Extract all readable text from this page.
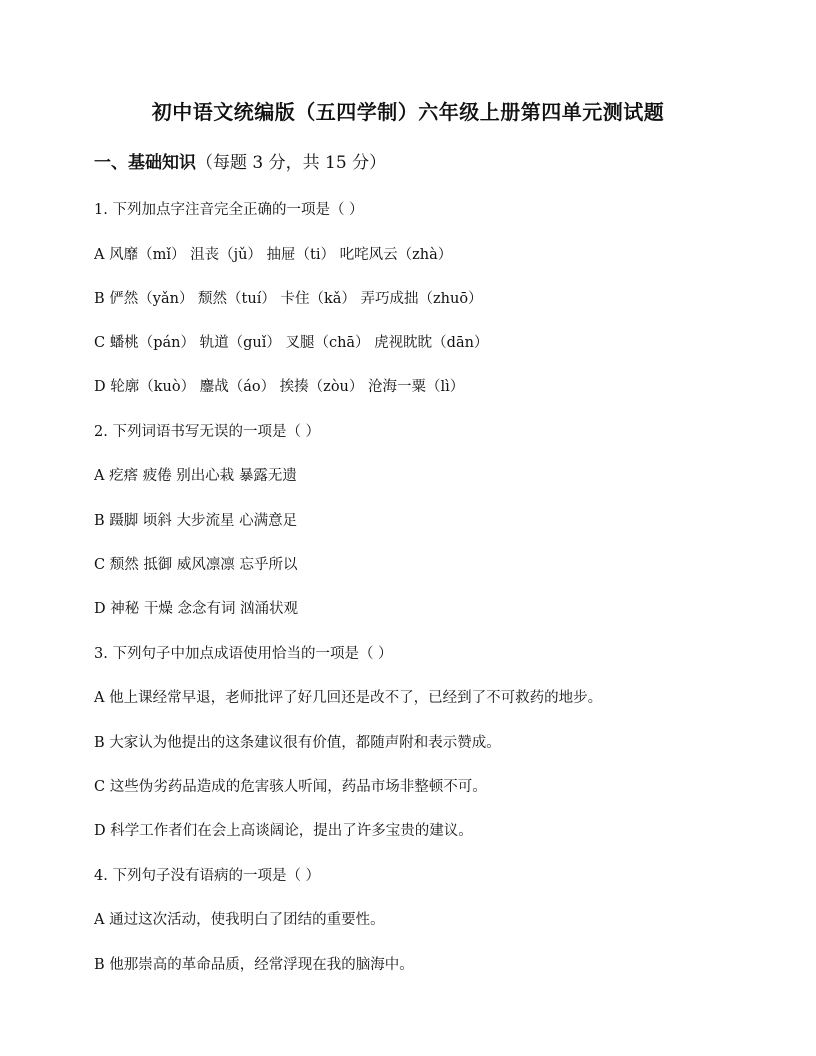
初中语文统编版（五四学制）六年级上册第四单元测试题
一、基础知识（每题 3 分，共 15 分）
1. 下列加点字注音完全正确的一项是（ ）
A 风靡（mǐ） 沮丧（jǔ） 抽屉（ti） 叱咤风云（zhà）
B 俨然（yǎn） 颓然（tuí） 卡住（kǎ） 弄巧成拙（zhuō）
C 蟠桃（pán） 轨道（guǐ） 叉腿（chā） 虎视眈眈（dān）
D 轮廓（kuò） 鏖战（áo） 挨揍（zòu） 沧海一粟（lì）
2. 下列词语书写无误的一项是（ ）
A 疙瘩 疲倦 别出心栽 暴露无遗
B 蹑脚 顷斜 大步流星 心满意足
C 颓然 抵御 威风凛凛 忘乎所以
D 神秘 干燥 念念有词 汹涌状观
3. 下列句子中加点成语使用恰当的一项是（ ）
A 他上课经常早退，老师批评了好几回还是改不了，已经到了不可救药的地步。
B 大家认为他提出的这条建议很有价值，都随声附和表示赞成。
C 这些伪劣药品造成的危害骇人听闻，药品市场非整顿不可。
D 科学工作者们在会上高谈阔论，提出了许多宝贵的建议。
4. 下列句子没有语病的一项是（ ）
A 通过这次活动，使我明白了团结的重要性。
B 他那崇高的革命品质，经常浮现在我的脑海中。
